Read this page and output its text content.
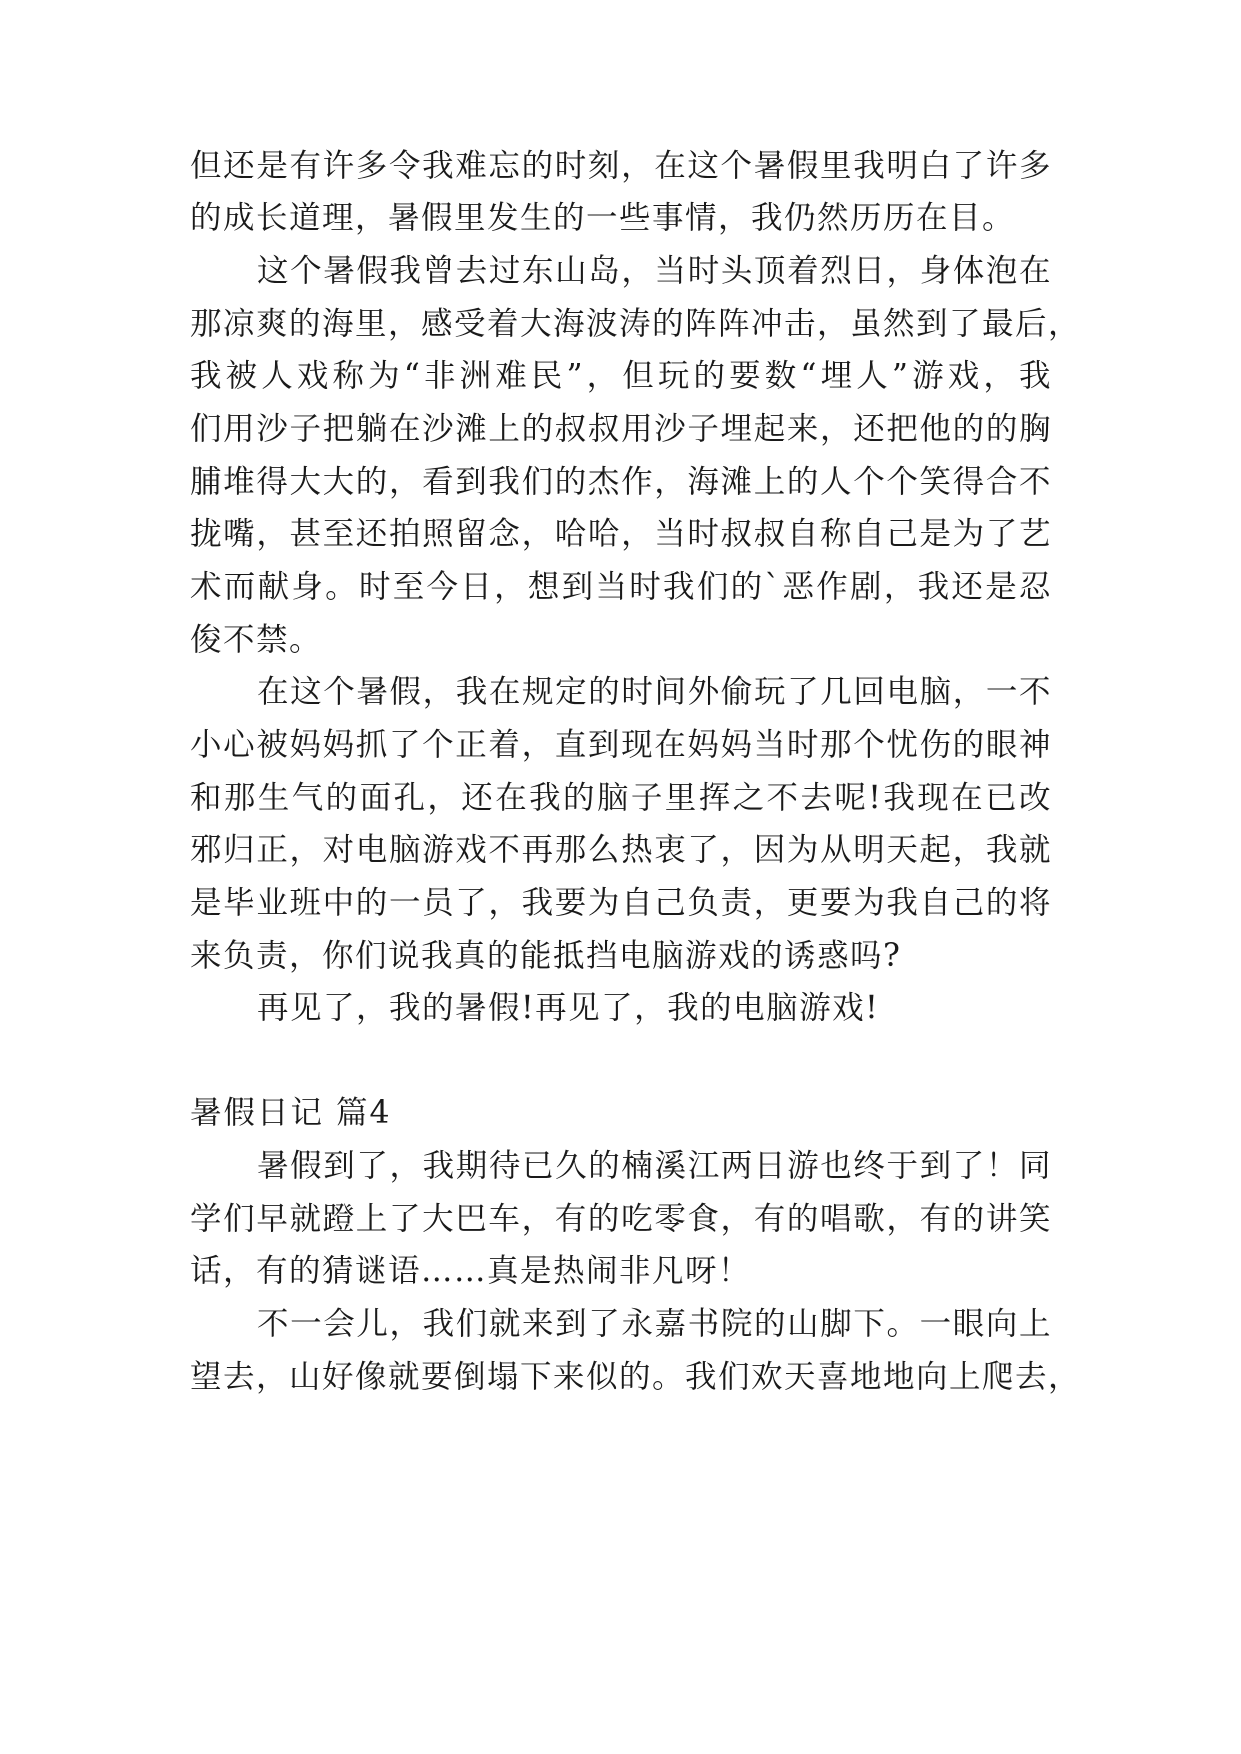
但还是有许多令我难忘的时刻，在这个暑假里我明白了许多
的成长道理，暑假里发生的一些事情，我仍然历历在目。
这个暑假我曾去过东山岛，当时头顶着烈日，身体泡在
那凉爽的海里，感受着大海波涛的阵阵冲击，虽然到了最后，
我被人戏称为“非洲难民”，但玩的要数“埋人”游戏，我
们用沙子把躺在沙滩上的叔叔用沙子埋起来，还把他的的胸
脯堆得大大的，看到我们的杰作，海滩上的人个个笑得合不
拢嘴，甚至还拍照留念，哈哈，当时叔叔自称自己是为了艺
术而献身。时至今日，想到当时我们的`恶作剧，我还是忍
俊不禁。
在这个暑假，我在规定的时间外偷玩了几回电脑，一不
小心被妈妈抓了个正着，直到现在妈妈当时那个忧伤的眼神
和那生气的面孔，还在我的脑子里挥之不去呢!我现在已改
邪归正，对电脑游戏不再那么热衷了，因为从明天起，我就
是毕业班中的一员了，我要为自己负责，更要为我自己的将
来负责，你们说我真的能抵挡电脑游戏的诱惑吗?
再见了，我的暑假!再见了，我的电脑游戏!
暑假日记 篇4
暑假到了，我期待已久的楠溪江两日游也终于到了！同
学们早就蹬上了大巴车，有的吃零食，有的唱歌，有的讲笑
话，有的猜谜语……真是热闹非凡呀！
不一会儿，我们就来到了永嘉书院的山脚下。一眼向上
望去，山好像就要倒塌下来似的。我们欢天喜地地向上爬去，
